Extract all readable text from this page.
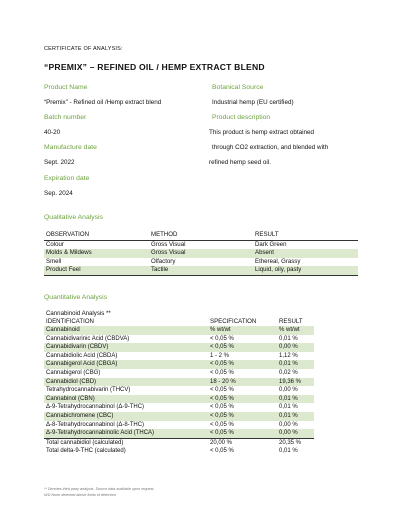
CERTIFICATE OF ANALYSIS:
“PREMIX” – REFINED OIL / HEMP EXTRACT BLEND
Product Name	Botanical Source
“Premix” - Refined oil /Hemp extract blend	Industrial hemp (EU certified)
Batch number	Product description
40-20	This product is hemp extract obtained
Manufacture date	through CO2 extraction, and blended with
Sept. 2022	refined hemp seed oil.
Expiration date
Sep. 2024
Qualitative Analysis
OBSERVATION	METHOD	RESULT
Colour	Gross Visual	Dark Green
Molds & Mildews	Gross Visual	Absent
Smell	Olfactory	Ethereal, Grassy
Product Feel	Tactile	Liquid, oily, pasty
Quantitative Analysis
Cannabinoid Analysis **
IDENTIFICATION	SPECIFICATION	RESULT
Cannabinoid	% wt/wt	% wt/wt
Cannabidivarinic Acid (CBDVA)	< 0,05 %	0,01 %
Cannabidivarin (CBDV)	< 0,05 %	0,00 %
Cannabidiolic Acid (CBDA)	1 - 2 %	1,12 %
Cannabigerol Acid (CBGA)	< 0,05 %	0,01 %
Cannabigerol (CBG)	< 0,05 %	0,02 %
Cannabidiol (CBD)	18 - 20 %	19,36 %
Tetrahydrocannabivarin (THCV)	< 0,05 %	0,00 %
Cannabinol (CBN)	< 0,05 %	0,01 %
Δ-9-Tetrahydrocannabinol (Δ-9-THC)	< 0,05 %	0,01 %
Cannabichromene (CBC)	< 0,05 %	0,01 %
Δ-8-Tetrahydrocannabinol (Δ-8-THC)	< 0,05 %	0,00 %
Δ-9-Tetrahydrocannabinolic Acid (THCA)	< 0,05 %	0,00 %
Total cannabidiol (calculated)	20,00 %	20,35 %
Total delta-9-THC (calculated)	< 0,05 %	0,01 %
** Denotes third party analysis. Source data available upon request.
N/D None detected above limits of detection
